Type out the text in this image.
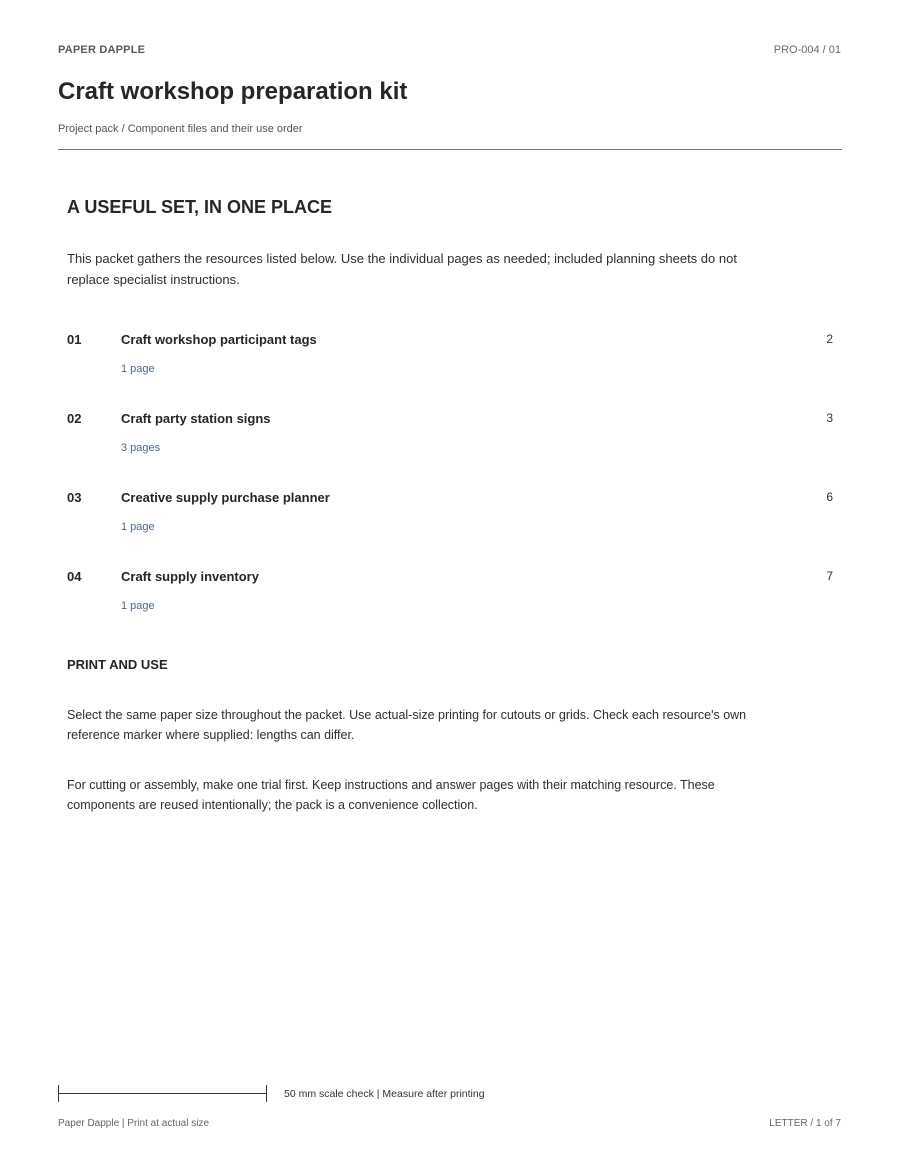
PAPER DAPPLE	PRO-004 / 01
Craft workshop preparation kit
Project pack / Component files and their use order
A USEFUL SET, IN ONE PLACE

This packet gathers the resources listed below. Use the individual pages as needed; included planning sheets do not replace specialist instructions.

01	Craft workshop participant tags
1 page
2
02	Craft party station signs
3 pages
3
03	Creative supply purchase planner
1 page
6
04	Craft supply inventory
1 page
7
PRINT AND USE

Select the same paper size throughout the packet. Use actual-size printing for cutouts or grids. Check each resource's own reference marker where supplied: lengths can differ.

For cutting or assembly, make one trial first. Keep instructions and answer pages with their matching resource. These components are reused intentionally; the pack is a convenience collection.

50 mm scale check | Measure after printing
Paper Dapple | Print at actual size	LETTER / 1 of 7
